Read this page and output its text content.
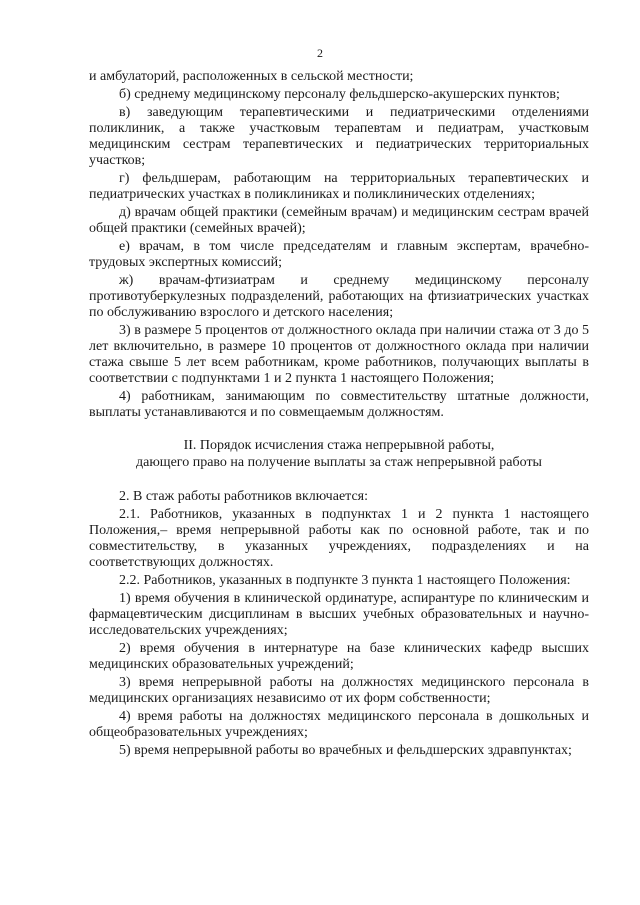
2

и амбулаторий, расположенных в сельской местности;

б) среднему медицинскому персоналу фельдшерско-акушерских пунктов;

в) заведующим терапевтическими и педиатрическими отделениями поликлиник, а также участковым терапевтам и педиатрам, участковым медицинским сестрам терапевтических и педиатрических территориальных участков;

г) фельдшерам, работающим на территориальных терапевтических и педиатрических участках в поликлиниках и поликлинических отделениях;

д) врачам общей практики (семейным врачам) и медицинским сестрам врачей общей практики (семейных врачей);

е) врачам, в том числе председателям и главным экспертам, врачебно-трудовых экспертных комиссий;

ж) врачам-фтизиатрам и среднему медицинскому персоналу противотуберкулезных подразделений, работающих на фтизиатрических участках по обслуживанию взрослого и детского населения;

3) в размере 5 процентов от должностного оклада при наличии стажа от 3 до 5 лет включительно, в размере 10 процентов от должностного оклада при наличии стажа свыше 5 лет всем работникам, кроме работников, получающих выплаты в соответствии с подпунктами 1 и 2 пункта 1 настоящего Положения;

4) работникам, занимающим по совместительству штатные должности, выплаты устанавливаются и по совмещаемым должностям.

II. Порядок исчисления стажа непрерывной работы,
дающего право на получение выплаты за стаж непрерывной работы

2. В стаж работы работников включается:

2.1. Работников, указанных в подпунктах 1 и 2 пункта 1 настоящего Положения,– время непрерывной работы как по основной работе, так и по совместительству, в указанных учреждениях, подразделениях и на соответствующих должностях.

2.2. Работников, указанных в подпункте 3 пункта 1 настоящего Положения:

1) время обучения в клинической ординатуре, аспирантуре по клиническим и фармацевтическим дисциплинам в высших учебных образовательных и научно-исследовательских учреждениях;

2) время обучения в интернатуре на базе клинических кафедр высших медицинских образовательных учреждений;

3) время непрерывной работы на должностях медицинского персонала в медицинских организациях независимо от их форм собственности;

4) время работы на должностях медицинского персонала в дошкольных и общеобразовательных учреждениях;

5) время непрерывной работы во врачебных и фельдшерских здравпунктах;
